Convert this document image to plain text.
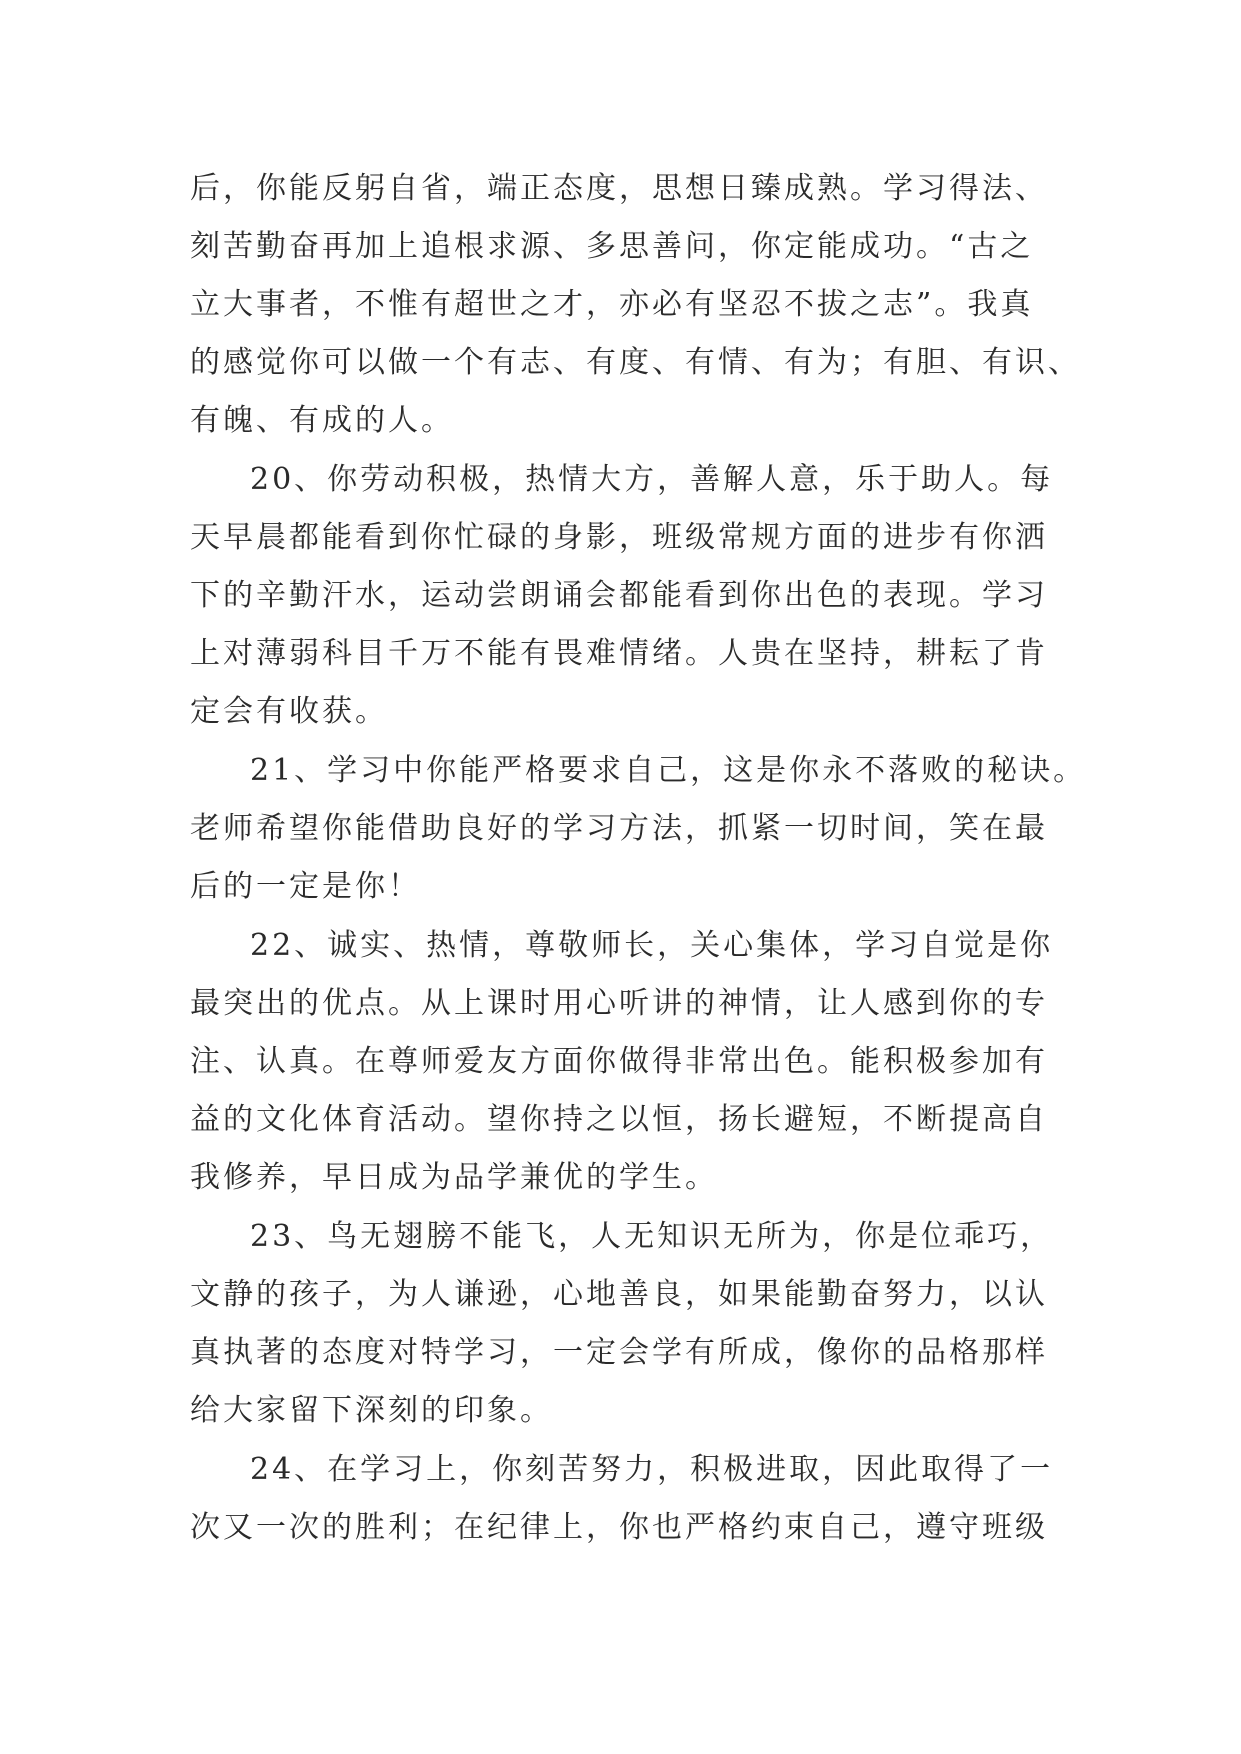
后，你能反躬自省，端正态度，思想日臻成熟。学习得法、
刻苦勤奋再加上追根求源、多思善问，你定能成功。“古之
立大事者，不惟有超世之才，亦必有坚忍不拔之志”。我真
的感觉你可以做一个有志、有度、有情、有为；有胆、有识、
有魄、有成的人。
20、你劳动积极，热情大方，善解人意，乐于助人。每
天早晨都能看到你忙碌的身影，班级常规方面的进步有你洒
下的辛勤汗水，运动尝朗诵会都能看到你出色的表现。学习
上对薄弱科目千万不能有畏难情绪。人贵在坚持，耕耘了肯
定会有收获。
21、学习中你能严格要求自己，这是你永不落败的秘诀。
老师希望你能借助良好的学习方法，抓紧一切时间，笑在最
后的一定是你！
22、诚实、热情，尊敬师长，关心集体，学习自觉是你
最突出的优点。从上课时用心听讲的神情，让人感到你的专
注、认真。在尊师爱友方面你做得非常出色。能积极参加有
益的文化体育活动。望你持之以恒，扬长避短，不断提高自
我修养，早日成为品学兼优的学生。
23、鸟无翅膀不能飞，人无知识无所为，你是位乖巧，
文静的孩子，为人谦逊，心地善良，如果能勤奋努力，以认
真执著的态度对特学习，一定会学有所成，像你的品格那样
给大家留下深刻的印象。
24、在学习上，你刻苦努力，积极进取，因此取得了一
次又一次的胜利；在纪律上，你也严格约束自己，遵守班级
